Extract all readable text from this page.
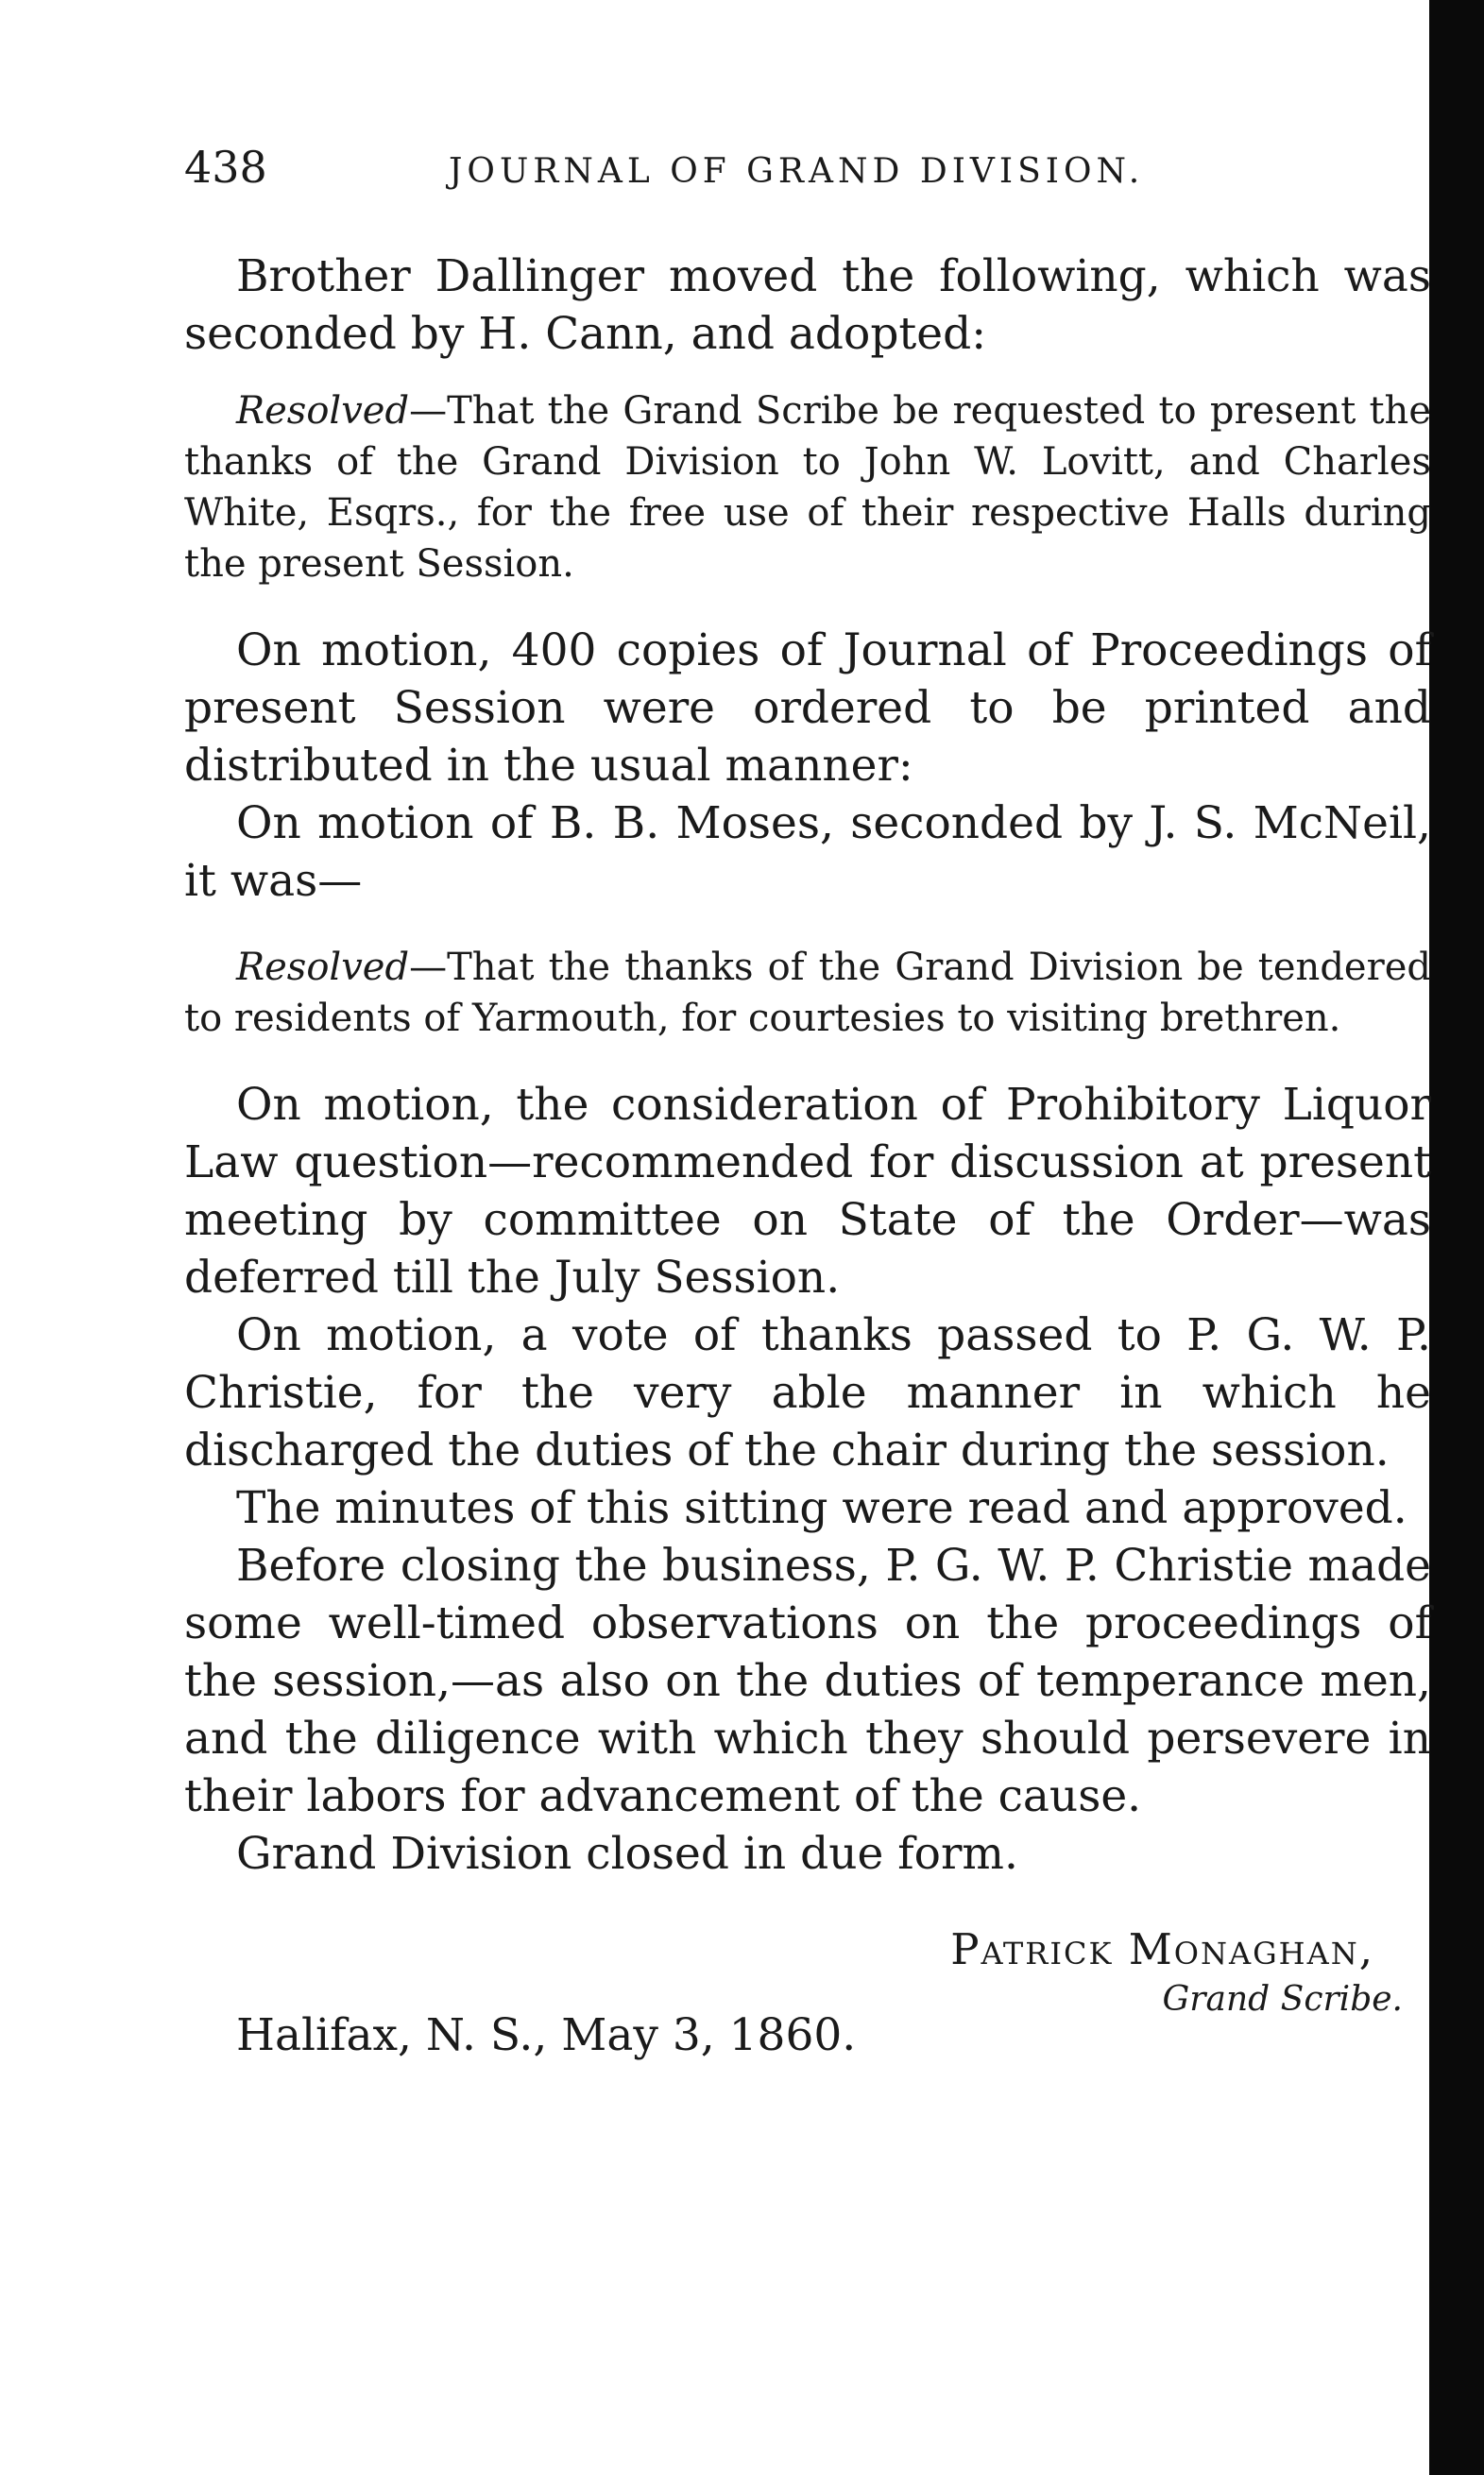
438	JOURNAL OF GRAND DIVISION.

Brother Dallinger moved the following, which was seconded by H. Cann, and adopted:

Resolved—That the Grand Scribe be requested to present the thanks of the Grand Division to John W. Lovitt, and Charles White, Esqrs., for the free use of their respective Halls during the present Session.

On motion, 400 copies of Journal of Proceedings of present Session were ordered to be printed and distributed in the usual manner:

On motion of B. B. Moses, seconded by J. S. McNeil, it was—

Resolved—That the thanks of the Grand Division be tendered to residents of Yarmouth, for courtesies to visiting brethren.

On motion, the consideration of Prohibitory Liquor Law question—recommended for discussion at present meeting by committee on State of the Order—was deferred till the July Session.

On motion, a vote of thanks passed to P. G. W. P. Christie, for the very able manner in which he discharged the duties of the chair during the session.

The minutes of this sitting were read and approved.

Before closing the business, P. G. W. P. Christie made some well-timed observations on the proceedings of the session,—as also on the duties of temperance men, and the diligence with which they should persevere in their labors for advancement of the cause.

Grand Division closed in due form.

Patrick Monaghan,
Grand Scribe.
Halifax, N. S., May 3, 1860.
